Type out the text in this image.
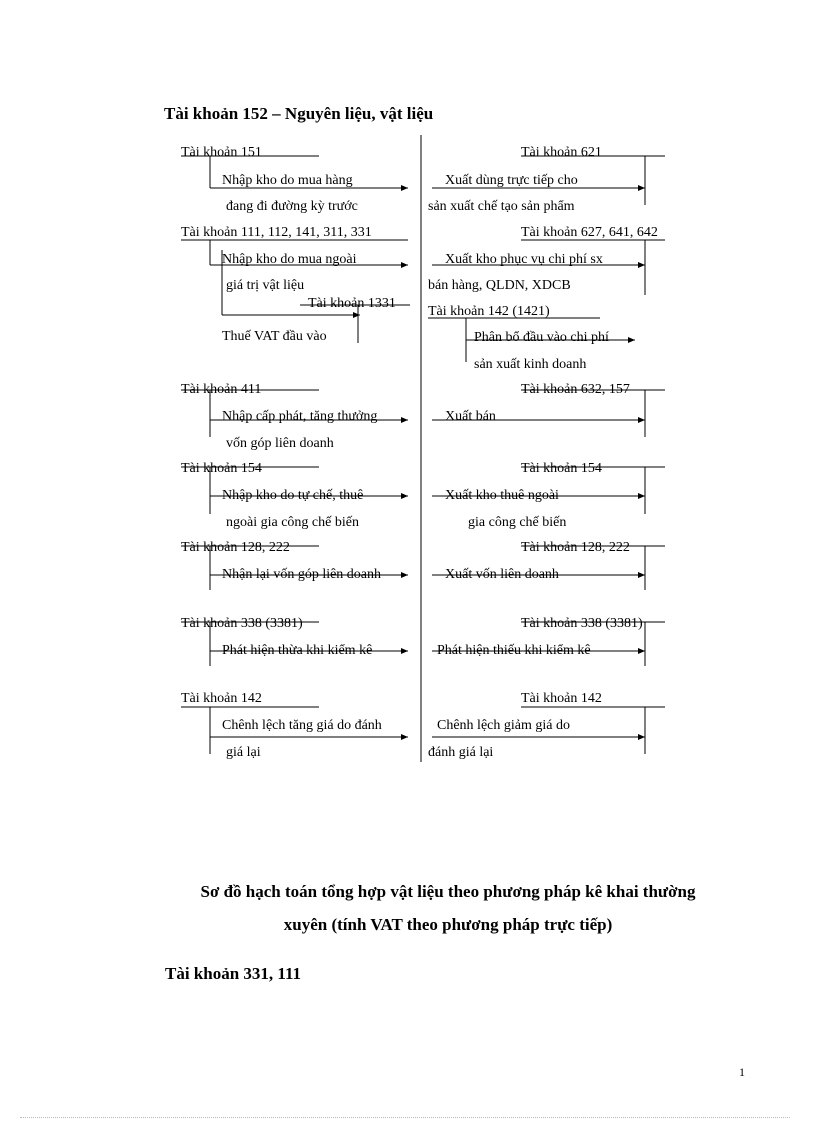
Tài khoản 152 – Nguyên liệu, vật liệu
Tài khoản 151
Nhập kho do mua hàng
đang đi đường kỳ trước
Tài khoản 111, 112, 141, 311, 331
Nhập kho do mua ngoài
giá trị vật liệu
Tài khoản 1331
Thuế VAT đầu vào
Tài khoản 411
Nhập cấp phát, tăng thưởng
vốn góp liên doanh
Tài khoản 154
Nhập kho do tự chế, thuê
ngoài gia công chế biến
Tài khoản 128, 222
Nhận lại vốn góp liên doanh
Tài khoản 338 (3381)
Phát hiện thừa khi kiểm kê
Tài khoản 142
Chênh lệch tăng giá do đánh
giá lại
Tài khoản 621
Xuất dùng trực tiếp cho
sản xuất chế tạo sản phẩm
Tài khoản 627, 641, 642
Xuất kho phục vụ chi phí sx
bán hàng, QLDN, XDCB
Tài khoản 142 (1421)
Phân bổ đầu vào chi phí
sản xuất kinh doanh
Tài khoản 632, 157
Xuất bán
Tài khoản 154
Xuất kho thuê ngoài
gia công chế biến
Tài khoản 128, 222
Xuất vốn liên doanh
Tài khoản 338 (3381)
Phát hiện thiếu khi kiểm kê
Tài khoản 142
Chênh lệch giảm giá do
đánh giá lại
Sơ đồ hạch toán tổng hợp vật liệu theo phương pháp kê khai thường
xuyên (tính VAT theo phương pháp trực tiếp)
Tài khoản 331, 111
1
